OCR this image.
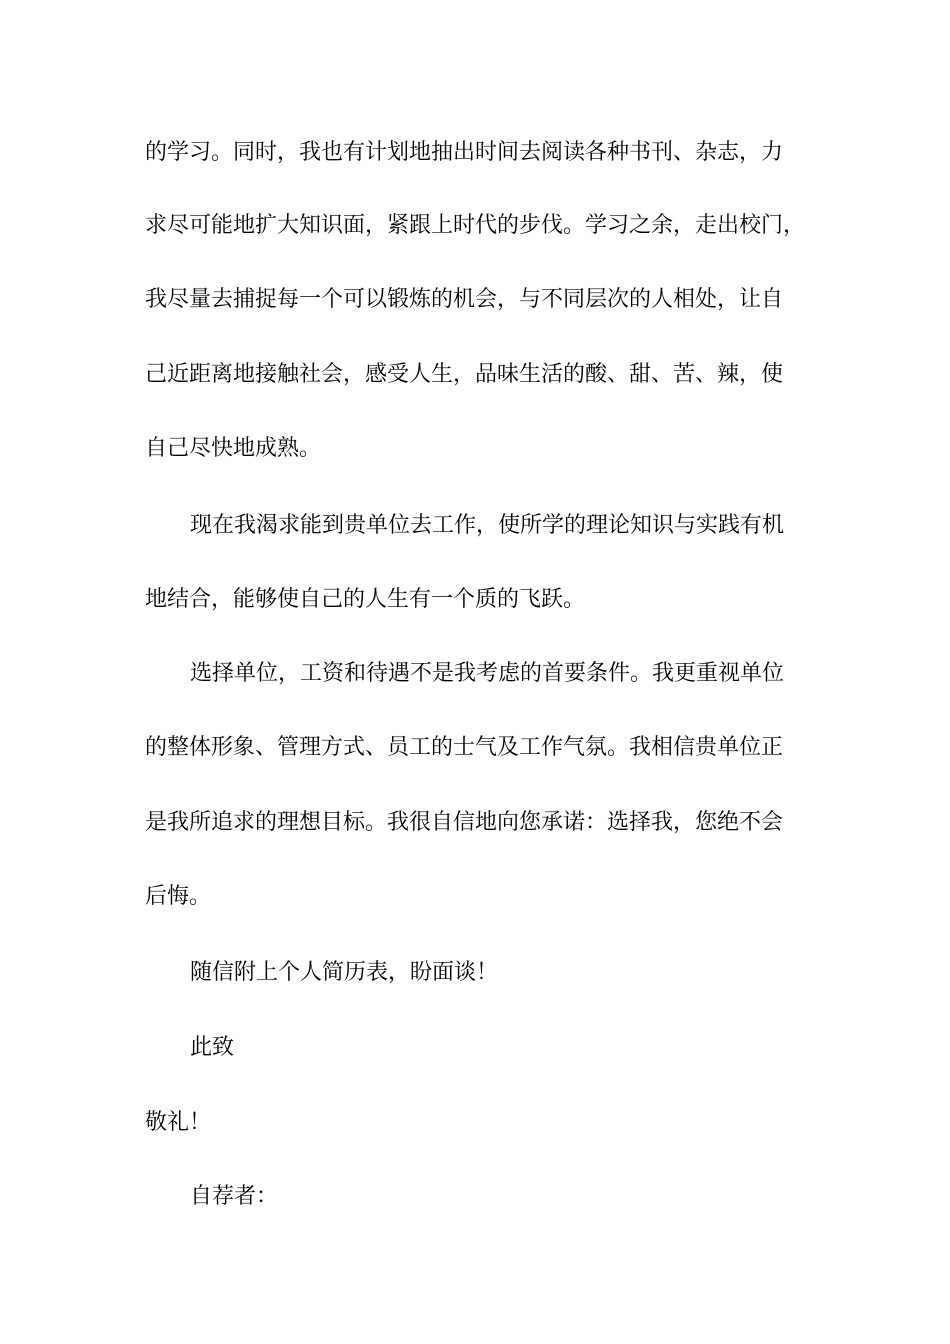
的学习。同时，我也有计划地抽出时间去阅读各种书刊、杂志，力
求尽可能地扩大知识面，紧跟上时代的步伐。学习之余，走出校门，
我尽量去捕捉每一个可以锻炼的机会，与不同层次的人相处，让自
己近距离地接触社会，感受人生，品味生活的酸、甜、苦、辣，使
自己尽快地成熟。
现在我渴求能到贵单位去工作，使所学的理论知识与实践有机
地结合，能够使自己的人生有一个质的飞跃。
选择单位，工资和待遇不是我考虑的首要条件。我更重视单位
的整体形象、管理方式、员工的士气及工作气氛。我相信贵单位正
是我所追求的理想目标。我很自信地向您承诺：选择我，您绝不会
后悔。
随信附上个人简历表，盼面谈！
此致
敬礼！
自荐者：
